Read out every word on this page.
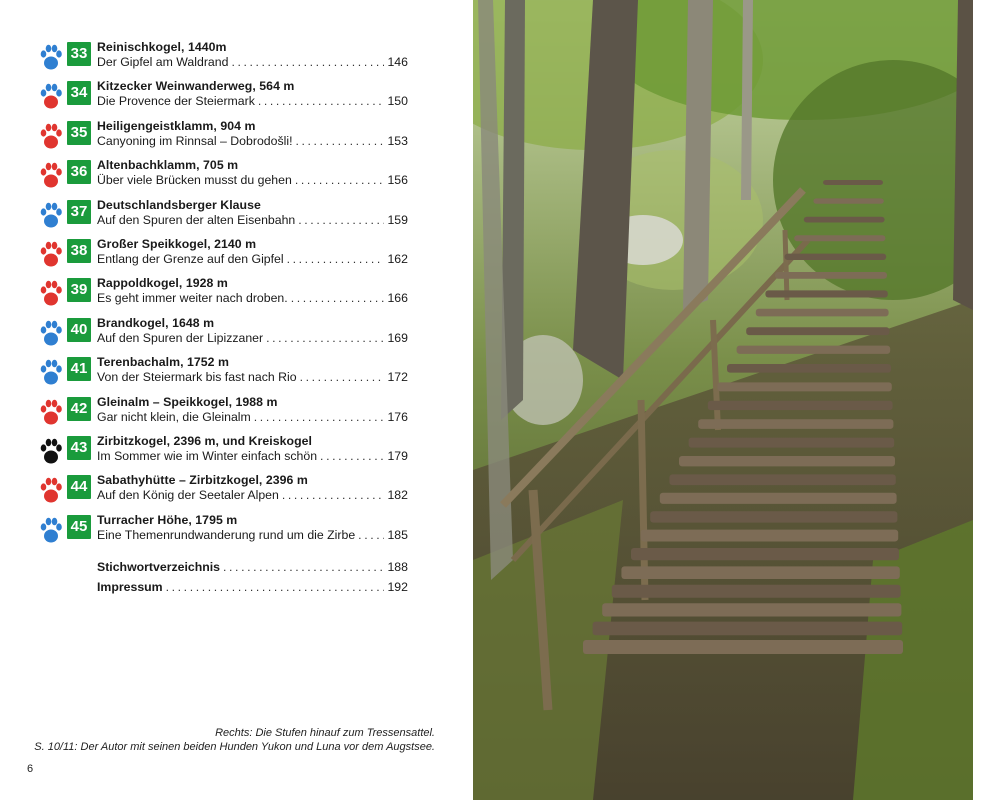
33 Reinischkogel, 1440m
Der Gipfel am Waldrand .....	146
34 Kitzecker Weinwanderweg, 564 m
Die Provence der Steiermark .....	150
35 Heiligengeistklamm, 904 m
Canyoning im Rinnsal – Dobrodošli! .....	153
36 Altenbachklamm, 705 m
Über viele Brücken musst du gehen .....	156
37 Deutschlandsberger Klause
Auf den Spuren der alten Eisenbahn .....	159
38 Großer Speikkogel, 2140 m
Entlang der Grenze auf den Gipfel .....	162
39 Rappoldkogel, 1928 m
Es geht immer weiter nach droben. .....	166
40 Brandkogel, 1648 m
Auf den Spuren der Lipizzaner .....	169
41 Terenbachalm, 1752 m
Von der Steiermark bis fast nach Rio .....	172
42 Gleinalm – Speikkogel, 1988 m
Gar nicht klein, die Gleinalm .....	176
43 Zirbitzkogel, 2396 m, und Kreiskogel
Im Sommer wie im Winter einfach schön .....	179
44 Sabathyhütte – Zirbitzkogel, 2396 m
Auf den König der Seetaler Alpen .....	182
45 Turracher Höhe, 1795 m
Eine Themenrundwanderung rund um die Zirbe .....	185
Stichwortverzeichnis .....	188
Impressum .....	192
Rechts: Die Stufen hinauf zum Tressensattel.
S. 10/11: Der Autor mit seinen beiden Hunden Yukon und Luna vor dem Augstsee.
6
